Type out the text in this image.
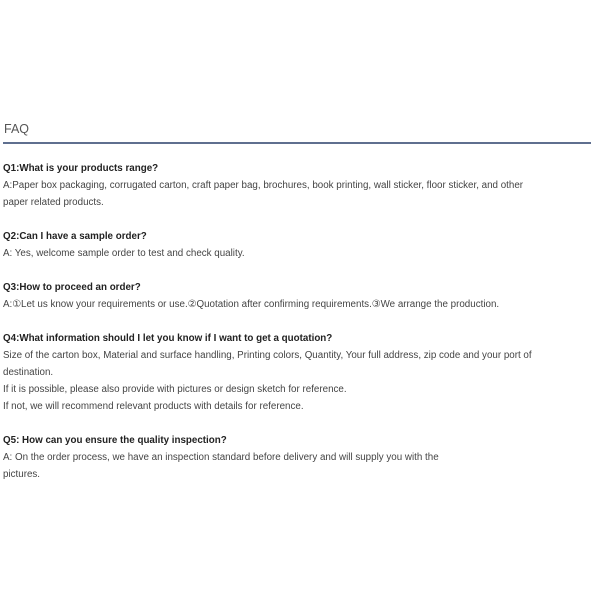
FAQ
Q1:What is your products range?
A:Paper box packaging, corrugated carton, craft paper bag, brochures, book printing, wall sticker, floor sticker, and other
paper related products.
Q2:Can I have a sample order?
A: Yes, welcome sample order to test and check quality.
Q3:How to proceed an order?
A:①Let us know your requirements or use.②Quotation after confirming requirements.③We arrange the production.
Q4:What information should I let you know if I want to get a quotation?
Size of the carton box, Material and surface handling, Printing colors, Quantity, Your full address, zip code and your port of
destination.
If it is possible, please also provide with pictures or design sketch for reference.
If not, we will recommend relevant products with details for reference.
Q5: How can you ensure the quality inspection?
A: On the order process, we have an inspection standard before delivery and will supply you with the
pictures.
